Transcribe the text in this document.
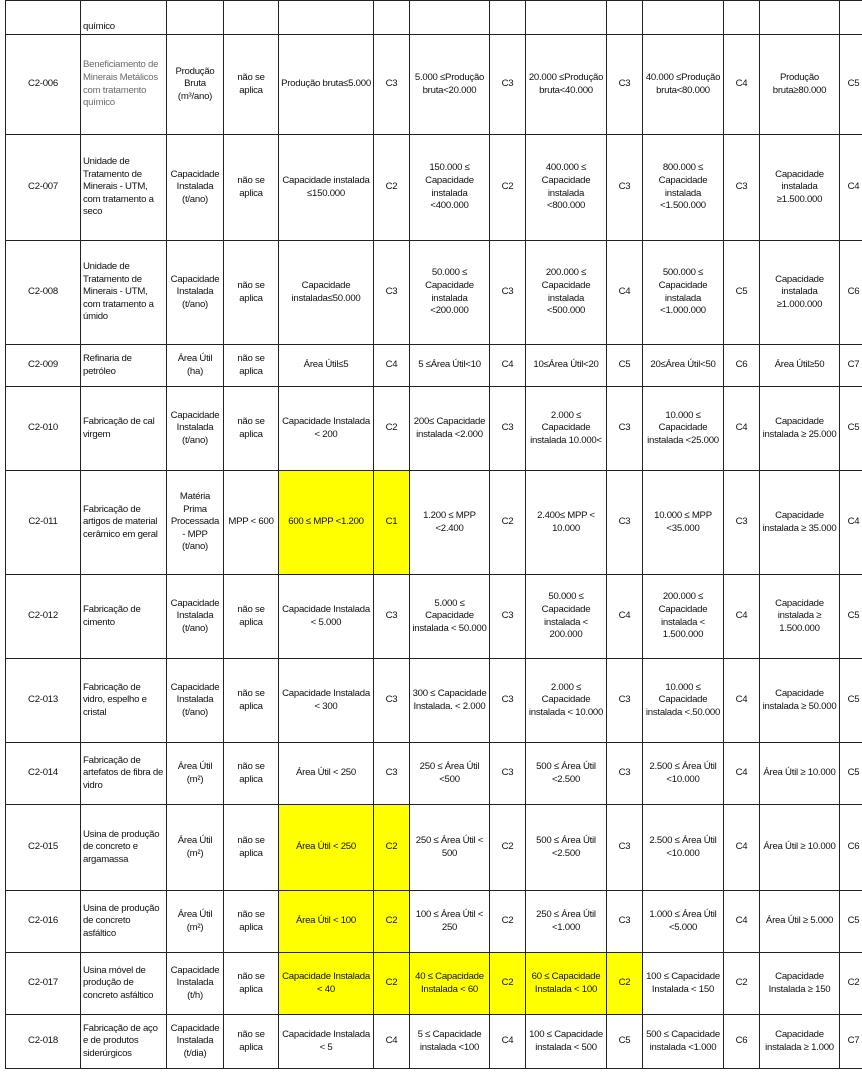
	químico												

C2-006	Beneficiamento de Minerais Metálicos com tratamento químico	Produção Bruta (m³/ano)	não se aplica	Produção bruta≤5.000	C3	5.000 ≤Produção bruta<20.000	C3	20.000 ≤Produção bruta<40.000	C3	40.000 ≤Produção bruta<80.000	C4	Produção bruta≥80.000	C5

C2-007	Unidade de Tratamento de Minerais - UTM, com tratamento a seco	Capacidade Instalada (t/ano)	não se aplica	Capacidade instalada ≤150.000	C2	150.000 ≤ Capacidade instalada <400.000	C2	400.000 ≤ Capacidade instalada <800.000	C3	800.000 ≤ Capacidade instalada <1.500.000	C3	Capacidade instalada ≥1.500.000	C4

C2-008	Unidade de Tratamento de Minerais - UTM, com tratamento a úmido	Capacidade Instalada (t/ano)	não se aplica	Capacidade instalada≤50.000	C3	50.000 ≤ Capacidade instalada <200.000	C3	200.000 ≤ Capacidade instalada <500.000	C4	500.000 ≤ Capacidade instalada <1.000.000	C5	Capacidade instalada ≥1.000.000	C6

C2-009	Refinaria de petróleo	Área Útil (ha)	não se aplica	Área Útil≤5	C4	5 ≤Área Útil<10	C4	10≤Área Útil<20	C5	20≤Área Útil<50	C6	Área Útil≥50	C7

C2-010	Fabricação de cal virgem	Capacidade Instalada (t/ano)	não se aplica	Capacidade Instalada < 200	C2	200≤ Capacidade instalada <2.000	C3	2.000 ≤ Capacidade instalada 10.000<	C3	10.000 ≤ Capacidade instalada <25.000	C4	Capacidade instalada ≥ 25.000	C5

C2-011	Fabricação de artigos de material cerâmico em geral	Matéria Prima Processada - MPP (t/ano)	MPP < 600	600 ≤ MPP <1.200	C1	1.200 ≤ MPP <2.400	C2	2.400≤ MPP < 10.000	C3	10.000 ≤ MPP <35.000	C3	Capacidade instalada ≥ 35.000	C4

C2-012	Fabricação de cimento	Capacidade Instalada (t/ano)	não se aplica	Capacidade Instalada < 5.000	C3	5.000 ≤ Capacidade instalada < 50.000	C3	50.000 ≤ Capacidade instalada < 200.000	C4	200.000 ≤ Capacidade instalada < 1.500.000	C4	Capacidade instalada ≥ 1.500.000	C5

C2-013	Fabricação de vidro, espelho e cristal	Capacidade Instalada (t/ano)	não se aplica	Capacidade Instalada < 300	C3	300 ≤ Capacidade Instalada. < 2.000	C3	2.000 ≤ Capacidade instalada < 10.000	C3	10.000 ≤ Capacidade instalada <.50.000	C4	Capacidade instalada ≥ 50.000	C5

C2-014	Fabricação de artefatos de fibra de vidro	Área Útil (m²)	não se aplica	Área Útil < 250	C3	250 ≤ Área Útil <500	C3	500 ≤ Área Útil <2.500	C3	2.500 ≤ Área Útil <10.000	C4	Área Útil ≥ 10.000	C5

C2-015	Usina de produção de concreto e argamassa	Área Útil (m²)	não se aplica	Área Útil < 250	C2	250 ≤ Área Útil < 500	C2	500 ≤ Área Útil <2.500	C3	2.500 ≤ Área Útil <10.000	C4	Área Útil ≥ 10.000	C6

C2-016	Usina de produção de concreto asfáltico	Área Útil (m²)	não se aplica	Área Útil < 100	C2	100 ≤ Área Útil < 250	C2	250 ≤ Área Útil <1.000	C3	1.000 ≤ Área Útil <5.000	C4	Área Útil ≥ 5.000	C5

C2-017	Usina móvel de produção de concreto asfáltico	Capacidade Instalada (t/h)	não se aplica	Capacidade Instalada < 40	C2	40 ≤ Capacidade Instalada < 60	C2	60 ≤ Capacidade Instalada < 100	C2	100 ≤ Capacidade Instalada < 150	C2	Capacidade Instalada ≥ 150	C2

C2-018	Fabricação de aço e de produtos siderúrgicos	Capacidade Instalada (t/dia)	não se aplica	Capacidade Instalada < 5	C4	5 ≤ Capacidade instalada <100	C4	100 ≤ Capacidade instalada < 500	C5	500 ≤ Capacidade instalada <1.000	C6	Capacidade instalada ≥ 1.000	C7
